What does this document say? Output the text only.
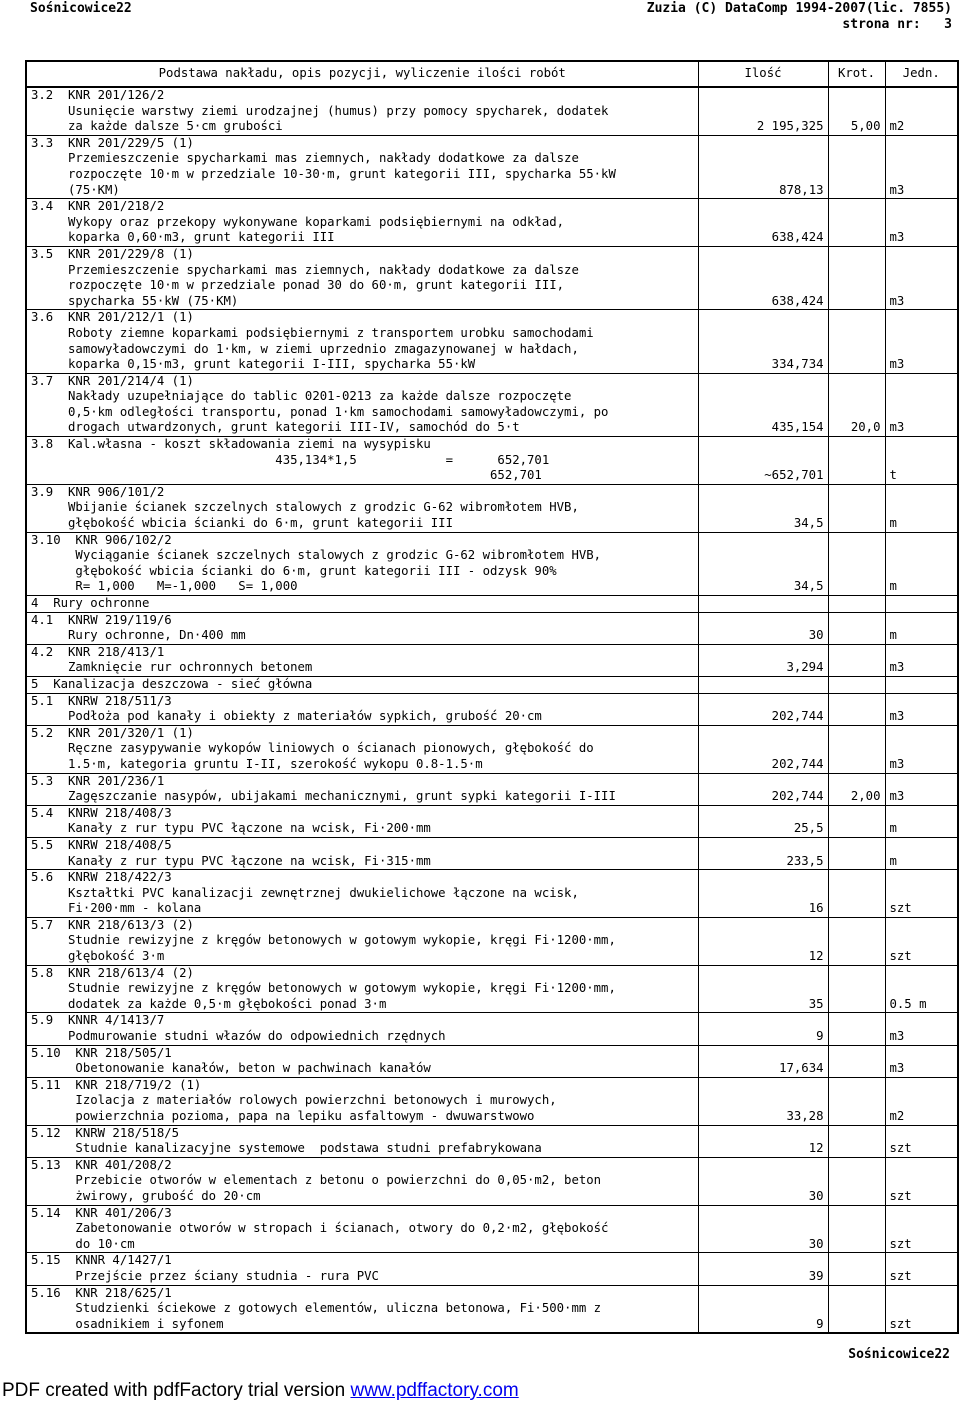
Sośnicowice22	Zuzia (C) DataComp 1994-2007(lic. 7855)
strona nr:   3
Podstawa nakładu, opis pozycji, wyliczenie ilości robót	Ilość	Krot.	Jedn.

3.2  KNR 201/126/2
Usunięcie warstwy ziemi urodzajnej (humus) przy pomocy spycharek, dodatek
za każde dalsze 5·cm grubości	2 195,325	5,00	m2

3.3  KNR 201/229/5 (1)
Przemieszczenie spycharkami mas ziemnych, nakłady dodatkowe za dalsze
rozpoczęte 10·m w przedziale 10-30·m, grunt kategorii III, spycharka 55·kW
(75·KM)	878,13		m3

3.4  KNR 201/218/2
Wykopy oraz przekopy wykonywane koparkami podsiębiernymi na odkład,
koparka 0,60·m3, grunt kategorii III	638,424		m3

3.5  KNR 201/229/8 (1)
Przemieszczenie spycharkami mas ziemnych, nakłady dodatkowe za dalsze
rozpoczęte 10·m w przedziale ponad 30 do 60·m, grunt kategorii III,
spycharka 55·kW (75·KM)	638,424		m3

3.6  KNR 201/212/1 (1)
Roboty ziemne koparkami podsiębiernymi z transportem urobku samochodami
samowyładowczymi do 1·km, w ziemi uprzednio zmagazynowanej w hałdach,
koparka 0,15·m3, grunt kategorii I-III, spycharka 55·kW	334,734		m3

3.7  KNR 201/214/4 (1)
Nakłady uzupełniające do tablic 0201-0213 za każde dalsze rozpoczęte
0,5·km odległości transportu, ponad 1·km samochodami samowyładowczymi, po
drogach utwardzonych, grunt kategorii III-IV, samochód do 5·t	435,154	20,0	m3

3.8  Kal.własna - koszt składowania ziemi na wysypisku
435,134*1,5            =      652,701
652,701	~652,701		t

3.9  KNR 906/101/2
Wbijanie ścianek szczelnych stalowych z grodzic G-62 wibromłotem HVB,
głębokość wbicia ścianki do 6·m, grunt kategorii III	34,5		m

3.10  KNR 906/102/2
Wyciąganie ścianek szczelnych stalowych z grodzic G-62 wibromłotem HVB,
głębokość wbicia ścianki do 6·m, grunt kategorii III - odzysk 90%
R= 1,000   M=-1,000   S= 1,000	34,5		m

4  Rury ochronne			

4.1  KNRW 219/119/6
Rury ochronne, Dn·400 mm	30		m

4.2  KNR 218/413/1
Zamknięcie rur ochronnych betonem	3,294		m3

5  Kanalizacja deszczowa - sieć główna			

5.1  KNRW 218/511/3
Podłoża pod kanały i obiekty z materiałów sypkich, grubość 20·cm	202,744		m3

5.2  KNR 201/320/1 (1)
Ręczne zasypywanie wykopów liniowych o ścianach pionowych, głębokość do
1.5·m, kategoria gruntu I-II, szerokość wykopu 0.8-1.5·m	202,744		m3

5.3  KNR 201/236/1
Zagęszczanie nasypów, ubijakami mechanicznymi, grunt sypki kategorii I-III	202,744	2,00	m3

5.4  KNRW 218/408/3
Kanały z rur typu PVC łączone na wcisk, Fi·200·mm	25,5		m

5.5  KNRW 218/408/5
Kanały z rur typu PVC łączone na wcisk, Fi·315·mm	233,5		m

5.6  KNRW 218/422/3
Kształtki PVC kanalizacji zewnętrznej dwukielichowe łączone na wcisk,
Fi·200·mm - kolana	16		szt

5.7  KNR 218/613/3 (2)
Studnie rewizyjne z kręgów betonowych w gotowym wykopie, kręgi Fi·1200·mm,
głębokość 3·m	12		szt

5.8  KNR 218/613/4 (2)
Studnie rewizyjne z kręgów betonowych w gotowym wykopie, kręgi Fi·1200·mm,
dodatek za każde 0,5·m głębokości ponad 3·m	35		0.5 m

5.9  KNNR 4/1413/7
Podmurowanie studni włazów do odpowiednich rzędnych	9		m3

5.10  KNR 218/505/1
Obetonowanie kanałów, beton w pachwinach kanałów	17,634		m3

5.11  KNR 218/719/2 (1)
Izolacja z materiałów rolowych powierzchni betonowych i murowych,
powierzchnia pozioma, papa na lepiku asfaltowym - dwuwarstwowo	33,28		m2

5.12  KNRW 218/518/5
Studnie kanalizacyjne systemowe  podstawa studni prefabrykowana	12		szt

5.13  KNR 401/208/2
Przebicie otworów w elementach z betonu o powierzchni do 0,05·m2, beton
żwirowy, grubość do 20·cm	30		szt

5.14  KNR 401/206/3
Zabetonowanie otworów w stropach i ścianach, otwory do 0,2·m2, głębokość
do 10·cm	30		szt

5.15  KNNR 4/1427/1
Przejście przez ściany studnia - rura PVC	39		szt

5.16  KNR 218/625/1
Studzienki ściekowe z gotowych elementów, uliczna betonowa, Fi·500·mm z
osadnikiem i syfonem	9		szt
Sośnicowice22
PDF created with pdfFactory trial version www.pdffactory.com
